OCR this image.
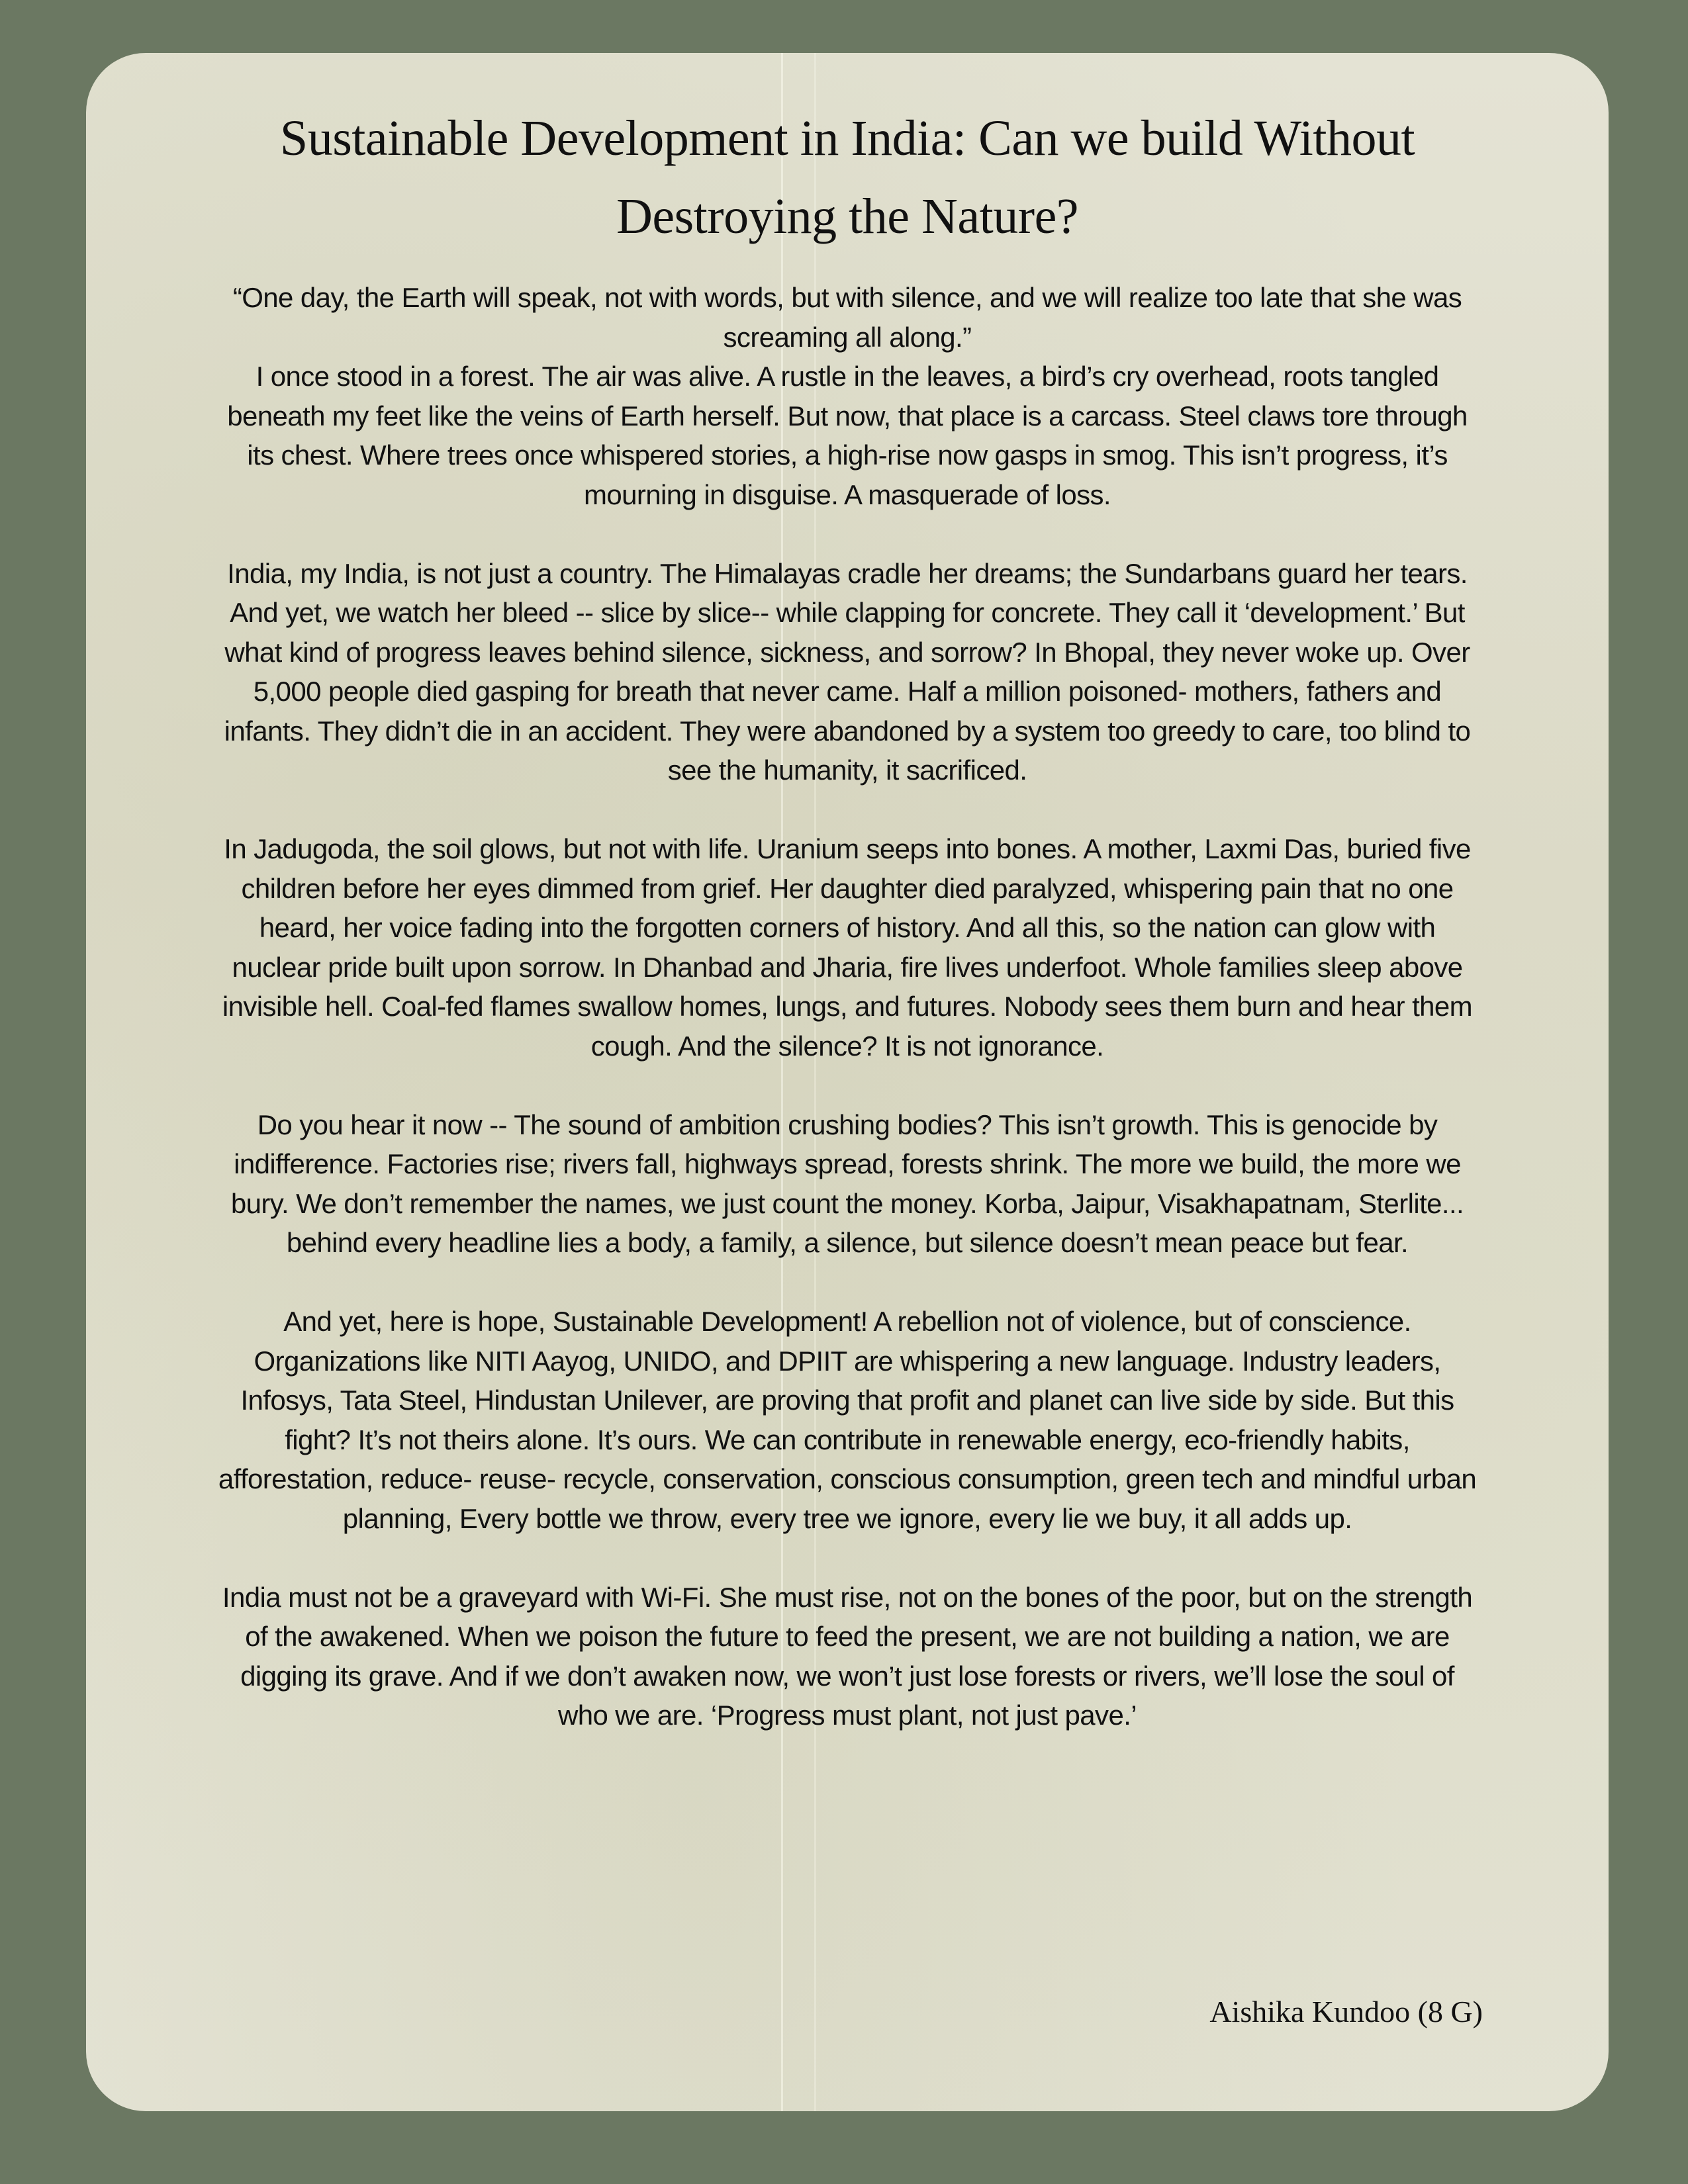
Sustainable Development in India: Can we build Without
Destroying the Nature?

“One day, the Earth will speak, not with words, but with silence, and we will realize too late that she was screaming all along.”

I once stood in a forest. The air was alive. A rustle in the leaves, a bird’s cry overhead, roots tangled beneath my feet like the veins of Earth herself. But now, that place is a carcass. Steel claws tore through its chest. Where trees once whispered stories, a high-rise now gasps in smog. This isn’t progress, it’s mourning in disguise. A masquerade of loss.

India, my India, is not just a country. The Himalayas cradle her dreams; the Sundarbans guard her tears. And yet, we watch her bleed -- slice by slice-- while clapping for concrete. They call it ‘development.’ But what kind of progress leaves behind silence, sickness, and sorrow? In Bhopal, they never woke up. Over 5,000 people died gasping for breath that never came. Half a million poisoned- mothers, fathers and infants. They didn’t die in an accident. They were abandoned by a system too greedy to care, too blind to see the humanity, it sacrificed.

In Jadugoda, the soil glows, but not with life. Uranium seeps into bones. A mother, Laxmi Das, buried five children before her eyes dimmed from grief. Her daughter died paralyzed, whispering pain that no one heard, her voice fading into the forgotten corners of history. And all this, so the nation can glow with nuclear pride built upon sorrow. In Dhanbad and Jharia, fire lives underfoot. Whole families sleep above invisible hell. Coal-fed flames swallow homes, lungs, and futures. Nobody sees them burn and hear them cough. And the silence? It is not ignorance.

Do you hear it now -- The sound of ambition crushing bodies? This isn’t growth. This is genocide by indifference. Factories rise; rivers fall, highways spread, forests shrink. The more we build, the more we bury. We don’t remember the names, we just count the money. Korba, Jaipur, Visakhapatnam, Sterlite... behind every headline lies a body, a family, a silence, but silence doesn’t mean peace but fear.

And yet, here is hope, Sustainable Development! A rebellion not of violence, but of conscience. Organizations like NITI Aayog, UNIDO, and DPIIT are whispering a new language. Industry leaders, Infosys, Tata Steel, Hindustan Unilever, are proving that profit and planet can live side by side. But this fight? It’s not theirs alone. It’s ours. We can contribute in renewable energy, eco-friendly habits, afforestation, reduce- reuse- recycle, conservation, conscious consumption, green tech and mindful urban planning, Every bottle we throw, every tree we ignore, every lie we buy, it all adds up.

India must not be a graveyard with Wi-Fi. She must rise, not on the bones of the poor, but on the strength of the awakened. When we poison the future to feed the present, we are not building a nation, we are digging its grave. And if we don’t awaken now, we won’t just lose forests or rivers, we’ll lose the soul of who we are. ‘Progress must plant, not just pave.’

Aishika Kundoo (8 G)
